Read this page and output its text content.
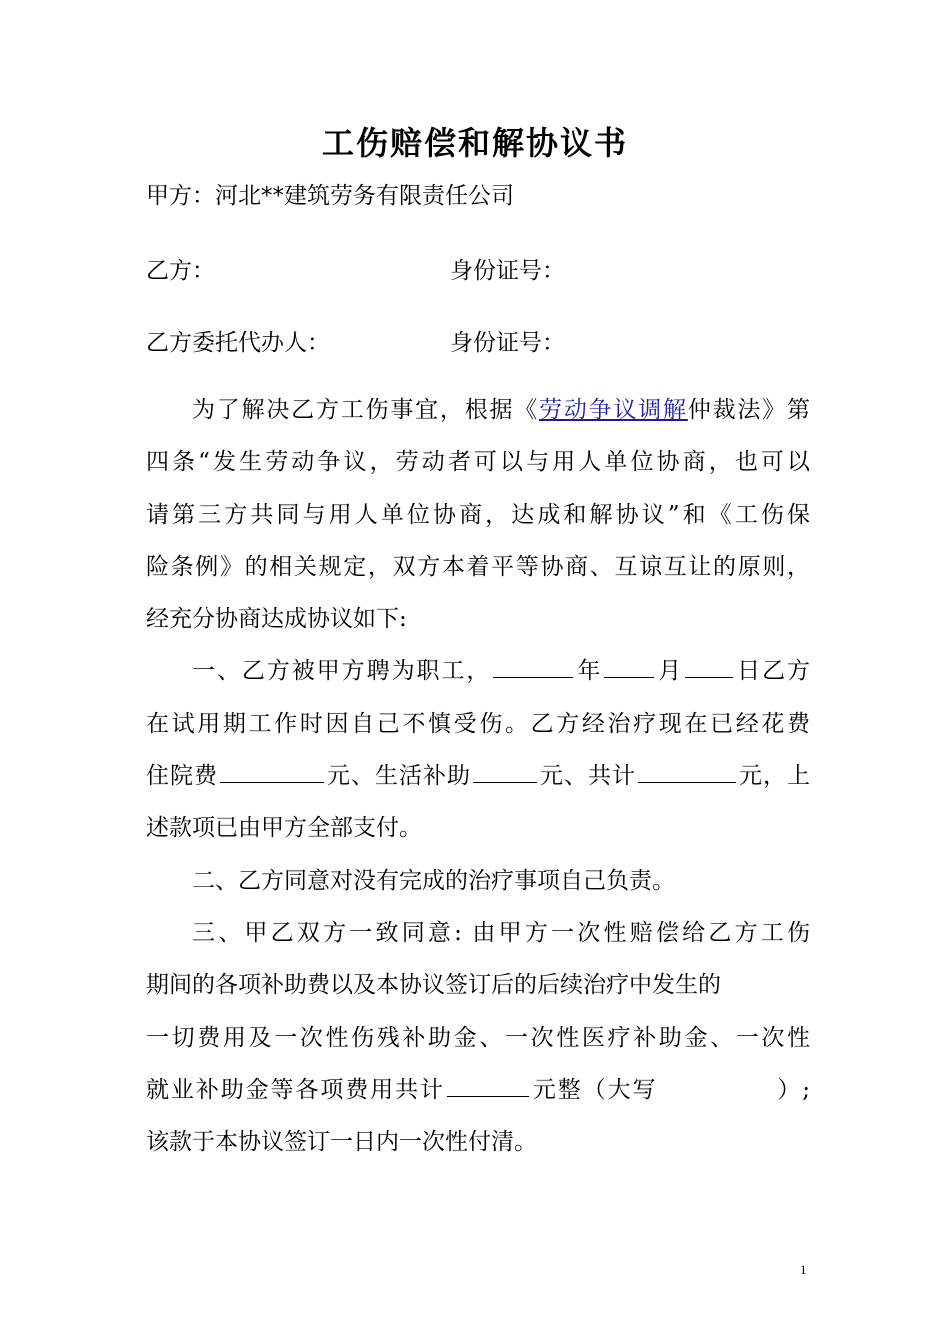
工伤赔偿和解协议书
甲方：河北**建筑劳务有限责任公司
乙方：	身份证号：
乙方委托代办人：	身份证号：
为了解决乙方工伤事宜，根据《劳动争议调解仲裁法》第
四条“发生劳动争议，劳动者可以与用人单位协商，也可以
请第三方共同与用人单位协商，达成和解协议”和《工伤保
险条例》的相关规定，双方本着平等协商、互谅互让的原则，
经充分协商达成协议如下:
一、乙方被甲方聘为职工，	年 月 日乙方
在试用期工作时因自己不慎受伤。乙方经治疗现在已经花费
住院费	元、生活补助	元、共计	元，上
述款项已由甲方全部支付。
二、乙方同意对没有完成的治疗事项自己负责。
三、甲乙双方一致同意: 由甲方一次性赔偿给乙方工伤
期间的各项补助费以及本协议签订后的后续治疗中发生的
一切费用及一次性伤残补助金、一次性医疗补助金、一次性
就业补助金等各项费用共计	元整（大写	）;
该款于本协议签订一日内一次性付清。
1
